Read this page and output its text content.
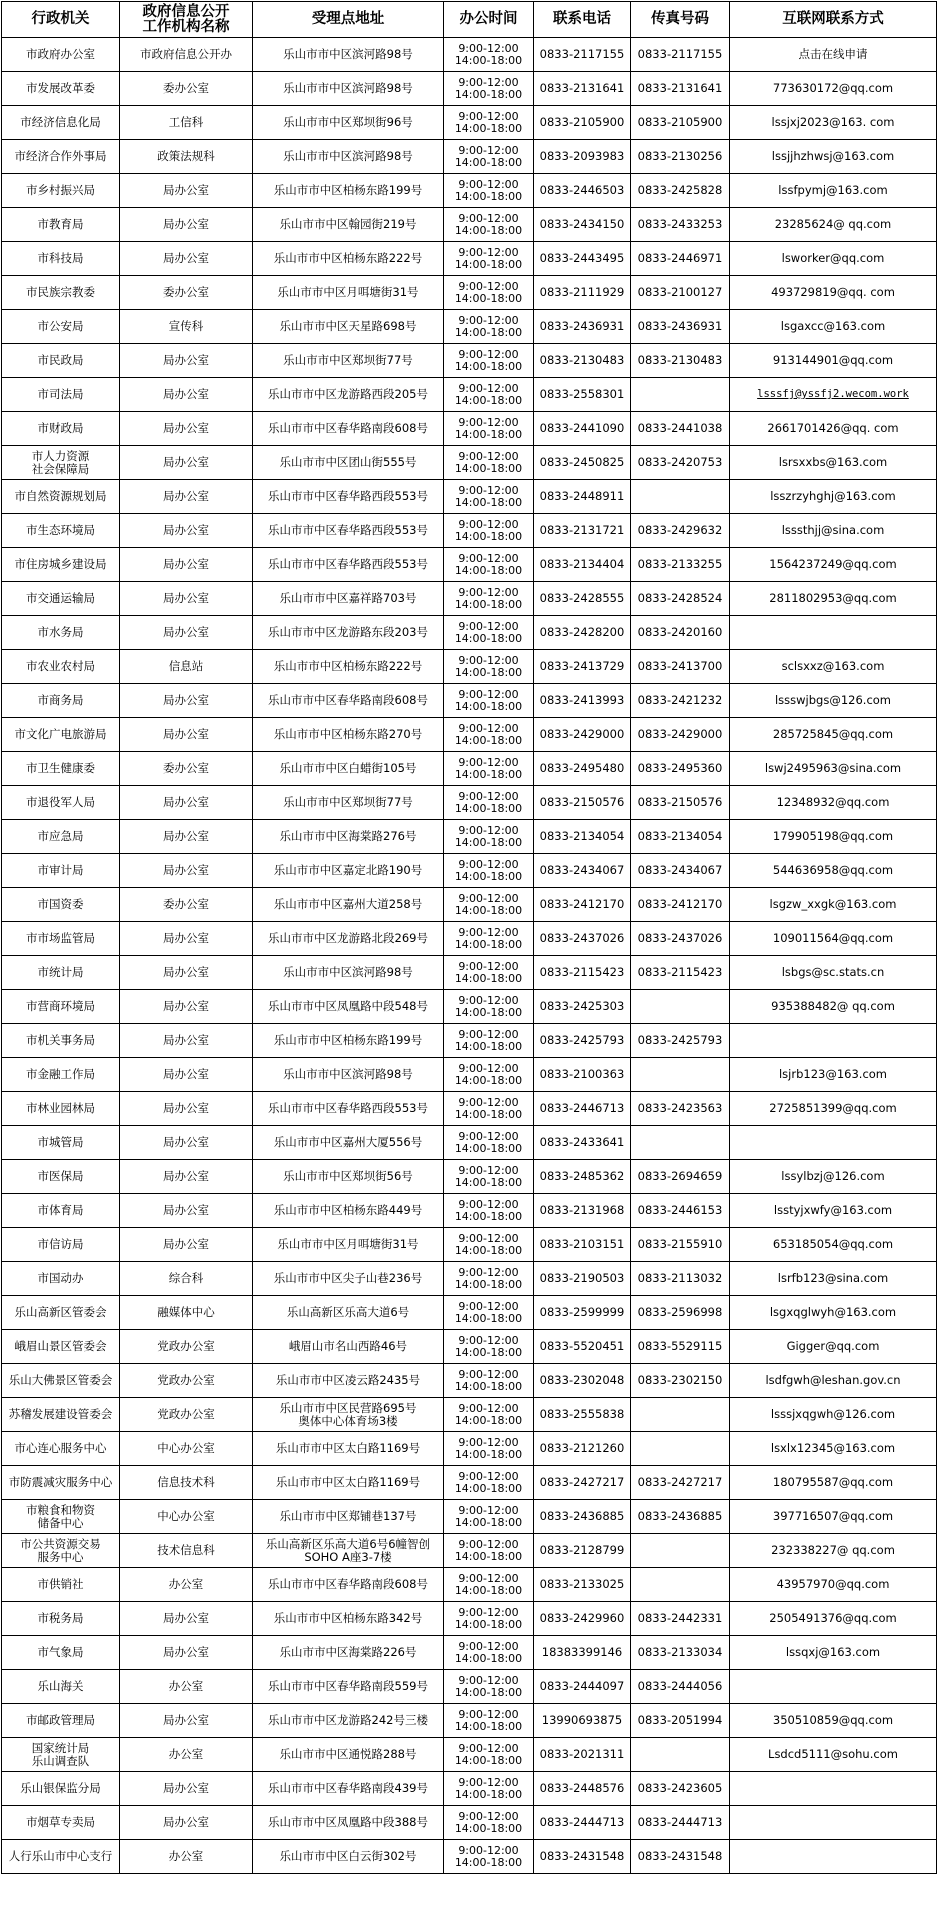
行政机关	政府信息公开
工作机构名称	受理点地址	办公时间	联系电话	传真号码	互联网联系方式
市政府办公室	市政府信息公开办	乐山市市中区滨河路98号	9:00-12:00
14:00-18:00	0833-2117155	0833-2117155	点击在线申请
市发展改革委	委办公室	乐山市市中区滨河路98号	9:00-12:00
14:00-18:00	0833-2131641	0833-2131641	773630172@qq.com
市经济信息化局	工信科	乐山市市中区郑坝街96号	9:00-12:00
14:00-18:00	0833-2105900	0833-2105900	lssjxj2023@163. com
市经济合作外事局	政策法规科	乐山市市中区滨河路98号	9:00-12:00
14:00-18:00	0833-2093983	0833-2130256	lssjjhzhwsj@163.com
市乡村振兴局	局办公室	乐山市市中区柏杨东路199号	9:00-12:00
14:00-18:00	0833-2446503	0833-2425828	lssfpymj@163.com
市教育局	局办公室	乐山市市中区翰园街219号	9:00-12:00
14:00-18:00	0833-2434150	0833-2433253	23285624@ qq.com
市科技局	局办公室	乐山市市中区柏杨东路222号	9:00-12:00
14:00-18:00	0833-2443495	0833-2446971	lsworker@qq.com
市民族宗教委	委办公室	乐山市市中区月咡塘街31号	9:00-12:00
14:00-18:00	0833-2111929	0833-2100127	493729819@qq. com
市公安局	宣传科	乐山市市中区天星路698号	9:00-12:00
14:00-18:00	0833-2436931	0833-2436931	lsgaxcc@163.com
市民政局	局办公室	乐山市市中区郑坝街77号	9:00-12:00
14:00-18:00	0833-2130483	0833-2130483	913144901@qq.com
市司法局	局办公室	乐山市市中区龙游路西段205号	9:00-12:00
14:00-18:00	0833-2558301		lsssfj@yssfj2.wecom.work
市财政局	局办公室	乐山市市中区春华路南段608号	9:00-12:00
14:00-18:00	0833-2441090	0833-2441038	2661701426@qq. com
市人力资源
社会保障局	局办公室	乐山市市中区团山街555号	9:00-12:00
14:00-18:00	0833-2450825	0833-2420753	lsrsxxbs@163.com
市自然资源规划局	局办公室	乐山市市中区春华路西段553号	9:00-12:00
14:00-18:00	0833-2448911		lsszrzyhghj@163.com
市生态环境局	局办公室	乐山市市中区春华路西段553号	9:00-12:00
14:00-18:00	0833-2131721	0833-2429632	lsssthjj@sina.com
市住房城乡建设局	局办公室	乐山市市中区春华路西段553号	9:00-12:00
14:00-18:00	0833-2134404	0833-2133255	1564237249@qq.com
市交通运输局	局办公室	乐山市市中区嘉祥路703号	9:00-12:00
14:00-18:00	0833-2428555	0833-2428524	2811802953@qq.com
市水务局	局办公室	乐山市市中区龙游路东段203号	9:00-12:00
14:00-18:00	0833-2428200	0833-2420160	
市农业农村局	信息站	乐山市市中区柏杨东路222号	9:00-12:00
14:00-18:00	0833-2413729	0833-2413700	sclsxxz@163.com
市商务局	局办公室	乐山市市中区春华路南段608号	9:00-12:00
14:00-18:00	0833-2413993	0833-2421232	lssswjbgs@126.com
市文化广电旅游局	局办公室	乐山市市中区柏杨东路270号	9:00-12:00
14:00-18:00	0833-2429000	0833-2429000	285725845@qq.com
市卫生健康委	委办公室	乐山市市中区白蜡街105号	9:00-12:00
14:00-18:00	0833-2495480	0833-2495360	lswj2495963@sina.com
市退役军人局	局办公室	乐山市市中区郑坝街77号	9:00-12:00
14:00-18:00	0833-2150576	0833-2150576	12348932@qq.com
市应急局	局办公室	乐山市市中区海棠路276号	9:00-12:00
14:00-18:00	0833-2134054	0833-2134054	179905198@qq.com
市审计局	局办公室	乐山市市中区嘉定北路190号	9:00-12:00
14:00-18:00	0833-2434067	0833-2434067	544636958@qq.com
市国资委	委办公室	乐山市市中区嘉州大道258号	9:00-12:00
14:00-18:00	0833-2412170	0833-2412170	lsgzw_xxgk@163.com
市市场监管局	局办公室	乐山市市中区龙游路北段269号	9:00-12:00
14:00-18:00	0833-2437026	0833-2437026	109011564@qq.com
市统计局	局办公室	乐山市市中区滨河路98号	9:00-12:00
14:00-18:00	0833-2115423	0833-2115423	lsbgs@sc.stats.cn
市营商环境局	局办公室	乐山市市中区凤凰路中段548号	9:00-12:00
14:00-18:00	0833-2425303		935388482@ qq.com
市机关事务局	局办公室	乐山市市中区柏杨东路199号	9:00-12:00
14:00-18:00	0833-2425793	0833-2425793	
市金融工作局	局办公室	乐山市市中区滨河路98号	9:00-12:00
14:00-18:00	0833-2100363		lsjrb123@163.com
市林业园林局	局办公室	乐山市市中区春华路西段553号	9:00-12:00
14:00-18:00	0833-2446713	0833-2423563	2725851399@qq.com
市城管局	局办公室	乐山市市中区嘉州大厦556号	9:00-12:00
14:00-18:00	0833-2433641		
市医保局	局办公室	乐山市市中区郑坝街56号	9:00-12:00
14:00-18:00	0833-2485362	0833-2694659	lssylbzj@126.com
市体育局	局办公室	乐山市市中区柏杨东路449号	9:00-12:00
14:00-18:00	0833-2131968	0833-2446153	lsstyjxwfy@163.com
市信访局	局办公室	乐山市市中区月咡塘街31号	9:00-12:00
14:00-18:00	0833-2103151	0833-2155910	653185054@qq.com
市国动办	综合科	乐山市市中区尖子山巷236号	9:00-12:00
14:00-18:00	0833-2190503	0833-2113032	lsrfb123@sina.com
乐山高新区管委会	融媒体中心	乐山高新区乐高大道6号	9:00-12:00
14:00-18:00	0833-2599999	0833-2596998	lsgxqglwyh@163.com
峨眉山景区管委会	党政办公室	峨眉山市名山西路46号	9:00-12:00
14:00-18:00	0833-5520451	0833-5529115	Gigger@qq.com
乐山大佛景区管委会	党政办公室	乐山市市中区凌云路2435号	9:00-12:00
14:00-18:00	0833-2302048	0833-2302150	lsdfgwh@leshan.gov.cn
苏稽发展建设管委会	党政办公室	乐山市市中区民营路695号
奥体中心体育场3楼	9:00-12:00
14:00-18:00	0833-2555838		lsssjxqgwh@126.com
市心连心服务中心	中心办公室	乐山市市中区太白路1169号	9:00-12:00
14:00-18:00	0833-2121260		lsxlx12345@163.com
市防震减灾服务中心	信息技术科	乐山市市中区太白路1169号	9:00-12:00
14:00-18:00	0833-2427217	0833-2427217	180795587@qq.com
市粮食和物资
储备中心	中心办公室	乐山市市中区郑铺巷137号	9:00-12:00
14:00-18:00	0833-2436885	0833-2436885	397716507@qq.com
市公共资源交易
服务中心	技术信息科	乐山高新区乐高大道6号6幢智创
SOHO A座3-7楼	9:00-12:00
14:00-18:00	0833-2128799		232338227@ qq.com
市供销社	办公室	乐山市市中区春华路南段608号	9:00-12:00
14:00-18:00	0833-2133025		43957970@qq.com
市税务局	局办公室	乐山市市中区柏杨东路342号	9:00-12:00
14:00-18:00	0833-2429960	0833-2442331	2505491376@qq.com
市气象局	局办公室	乐山市市中区海棠路226号	9:00-12:00
14:00-18:00	18383399146	0833-2133034	lssqxj@163.com
乐山海关	办公室	乐山市市中区春华路南段559号	9:00-12:00
14:00-18:00	0833-2444097	0833-2444056	
市邮政管理局	局办公室	乐山市市中区龙游路242号三楼	9:00-12:00
14:00-18:00	13990693875	0833-2051994	350510859@qq.com
国家统计局
乐山调查队	办公室	乐山市市中区通悦路288号	9:00-12:00
14:00-18:00	0833-2021311		Lsdcd5111@sohu.com
乐山银保监分局	局办公室	乐山市市中区春华路南段439号	9:00-12:00
14:00-18:00	0833-2448576	0833-2423605	
市烟草专卖局	局办公室	乐山市市中区凤凰路中段388号	9:00-12:00
14:00-18:00	0833-2444713	0833-2444713	
人行乐山市中心支行	办公室	乐山市市中区白云街302号	9:00-12:00
14:00-18:00	0833-2431548	0833-2431548	
